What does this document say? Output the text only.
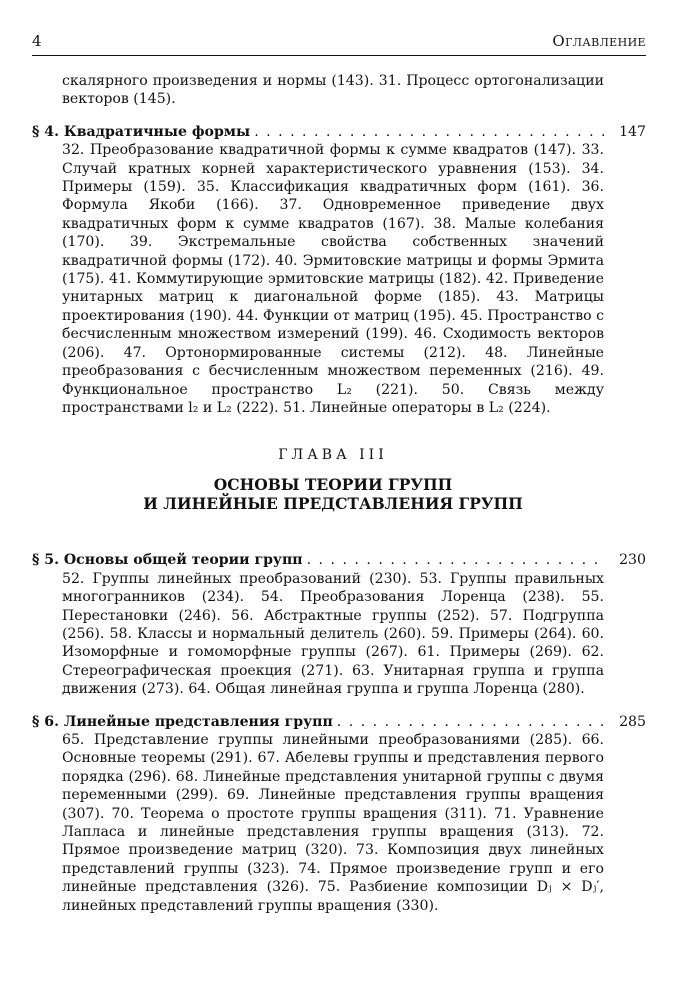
4	Оглавление

скалярного произведения и нормы (143). 31. Процесс ортогонализации векторов (145).

§ 4. Квадратичные формы . . .	147

32. Преобразование квадратичной формы к сумме квадратов (147). 33. Случай кратных корней характеристического уравнения (153). 34. Примеры (159). 35. Классификация квадратичных форм (161). 36. Формула Якоби (166). 37. Одновременное приведение двух квадратичных форм к сумме квадратов (167). 38. Малые колебания (170). 39. Экстремальные свойства собственных значений квадратичной формы (172). 40. Эрмитовские матрицы и формы Эрмита (175). 41. Коммутирующие эрмитовские матрицы (182). 42. Приведение унитарных матриц к диагональной форме (185). 43. Матрицы проектирования (190). 44. Функции от матриц (195). 45. Пространство с бесчисленным множеством измерений (199). 46. Сходимость векторов (206). 47. Ортонормированные системы (212). 48. Линейные преобразования с бесчисленным множеством переменных (216). 49. Функциональное пространство L₂ (221). 50. Связь между пространствами l₂ и L₂ (222). 51. Линейные операторы в L₂ (224).

ГЛАВА III
ОСНОВЫ ТЕОРИИ ГРУПП
И ЛИНЕЙНЫЕ ПРЕДСТАВЛЕНИЯ ГРУПП
§ 5. Основы общей теории групп . . .	230

52. Группы линейных преобразований (230). 53. Группы правильных многогранников (234). 54. Преобразования Лоренца (238). 55. Перестановки (246). 56. Абстрактные группы (252). 57. Подгруппа (256). 58. Классы и нормальный делитель (260). 59. Примеры (264). 60. Изоморфные и гомоморфные группы (267). 61. Примеры (269). 62. Стереографическая проекция (271). 63. Унитарная группа и группа движения (273). 64. Общая линейная группа и группа Лоренца (280).

§ 6. Линейные представления групп . . .	285

65. Представление группы линейными преобразованиями (285). 66. Основные теоремы (291). 67. Абелевы группы и представления первого порядка (296). 68. Линейные представления унитарной группы с двумя переменными (299). 69. Линейные представления группы вращения (307). 70. Теорема о простоте группы вращения (311). 71. Уравнение Лапласа и линейные представления группы вращения (313). 72. Прямое произведение матриц (320). 73. Композиция двух линейных представлений группы (323). 74. Прямое произведение групп и его линейные представления (326). 75. Разбиение композиции Dⱼ × Dⱼ′, линейных представлений группы вращения (330).
